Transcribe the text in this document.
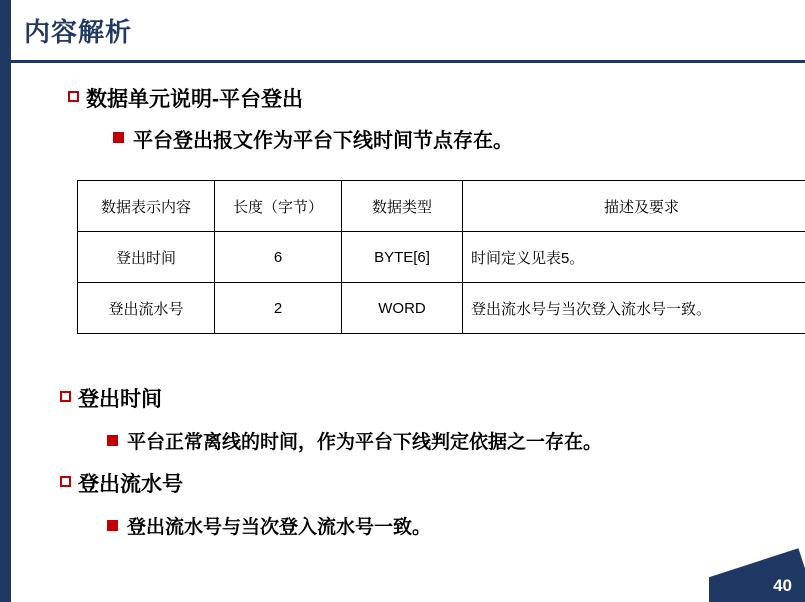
内容解析
数据单元说明-平台登出
平台登出报文作为平台下线时间节点存在。
数据表示内容	长度（字节）	数据类型	描述及要求
登出时间	6	BYTE[6]	时间定义见表5。
登出流水号	2	WORD	登出流水号与当次登入流水号一致。
登出时间
平台正常离线的时间，作为平台下线判定依据之一存在。
登出流水号
登出流水号与当次登入流水号一致。
40
